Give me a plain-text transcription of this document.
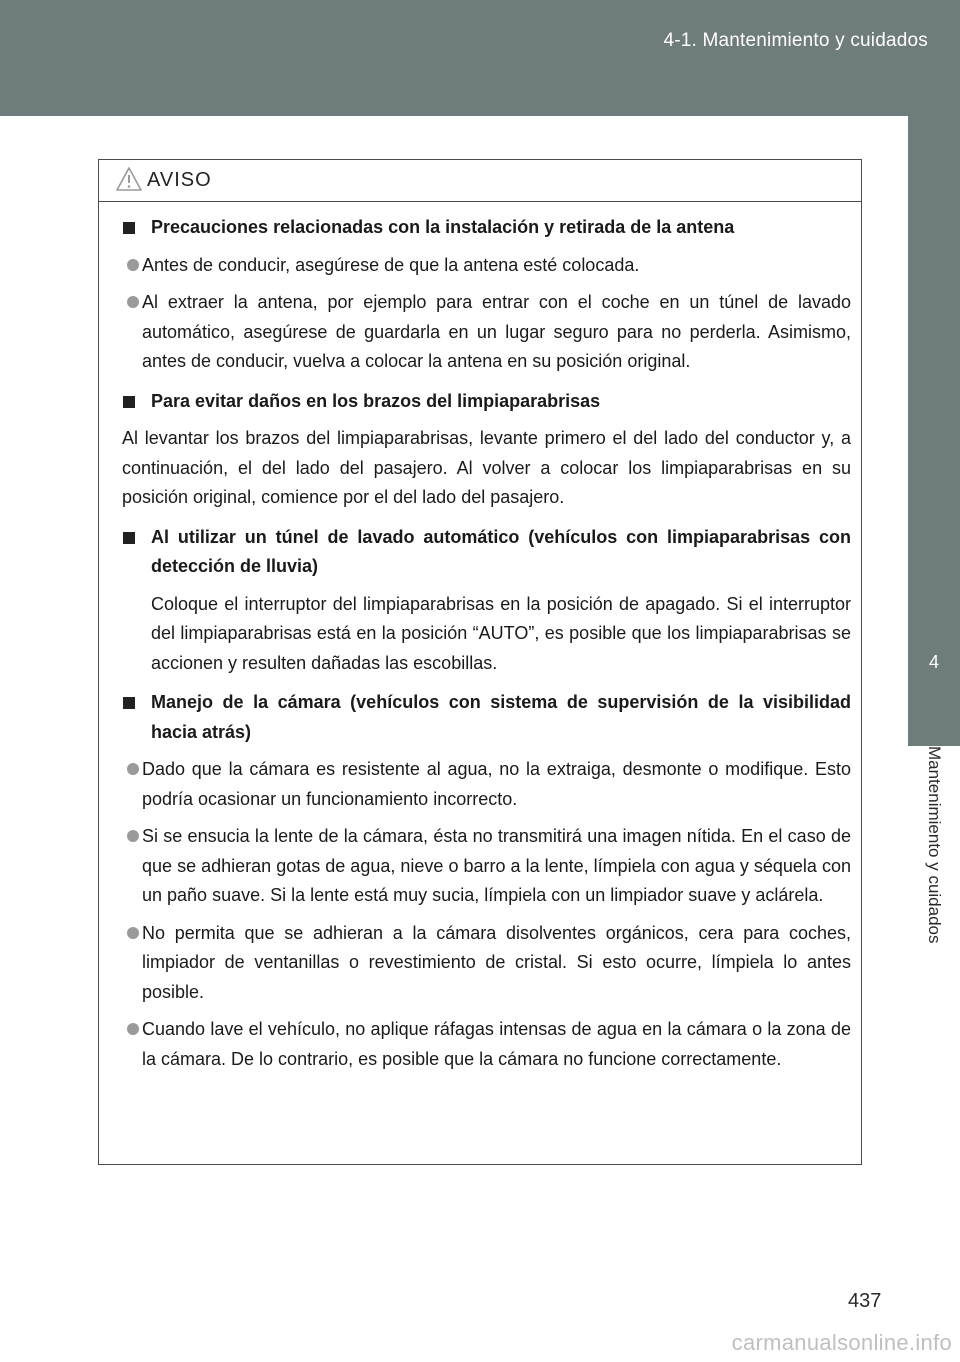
4-1. Mantenimiento y cuidados
4
Mantenimiento y cuidados
AVISO
Precauciones relacionadas con la instalación y retirada de la antena
Antes de conducir, asegúrese de que la antena esté colocada.
Al extraer la antena, por ejemplo para entrar con el coche en un túnel de lavado automático, asegúrese de guardarla en un lugar seguro para no perderla. Asimismo, antes de conducir, vuelva a colocar la antena en su posición original.
Para evitar daños en los brazos del limpiaparabrisas
Al levantar los brazos del limpiaparabrisas, levante primero el del lado del conductor y, a continuación, el del lado del pasajero. Al volver a colocar los limpiaparabrisas en su posición original, comience por el del lado del pasajero.
Al utilizar un túnel de lavado automático (vehículos con limpiaparabrisas con detección de lluvia)
Coloque el interruptor del limpiaparabrisas en la posición de apagado. Si el interruptor del limpiaparabrisas está en la posición “AUTO”, es posible que los limpiaparabrisas se accionen y resulten dañadas las escobillas.
Manejo de la cámara (vehículos con sistema de supervisión de la visibilidad hacia atrás)
Dado que la cámara es resistente al agua, no la extraiga, desmonte o modifique. Esto podría ocasionar un funcionamiento incorrecto.
Si se ensucia la lente de la cámara, ésta no transmitirá una imagen nítida. En el caso de que se adhieran gotas de agua, nieve o barro a la lente, límpiela con agua y séquela con un paño suave. Si la lente está muy sucia, límpiela con un limpiador suave y aclárela.
No permita que se adhieran a la cámara disolventes orgánicos, cera para coches, limpiador de ventanillas o revestimiento de cristal. Si esto ocurre, límpiela lo antes posible.
Cuando lave el vehículo, no aplique ráfagas intensas de agua en la cámara o la zona de la cámara. De lo contrario, es posible que la cámara no funcione correctamente.
437
carmanualsonline.info
